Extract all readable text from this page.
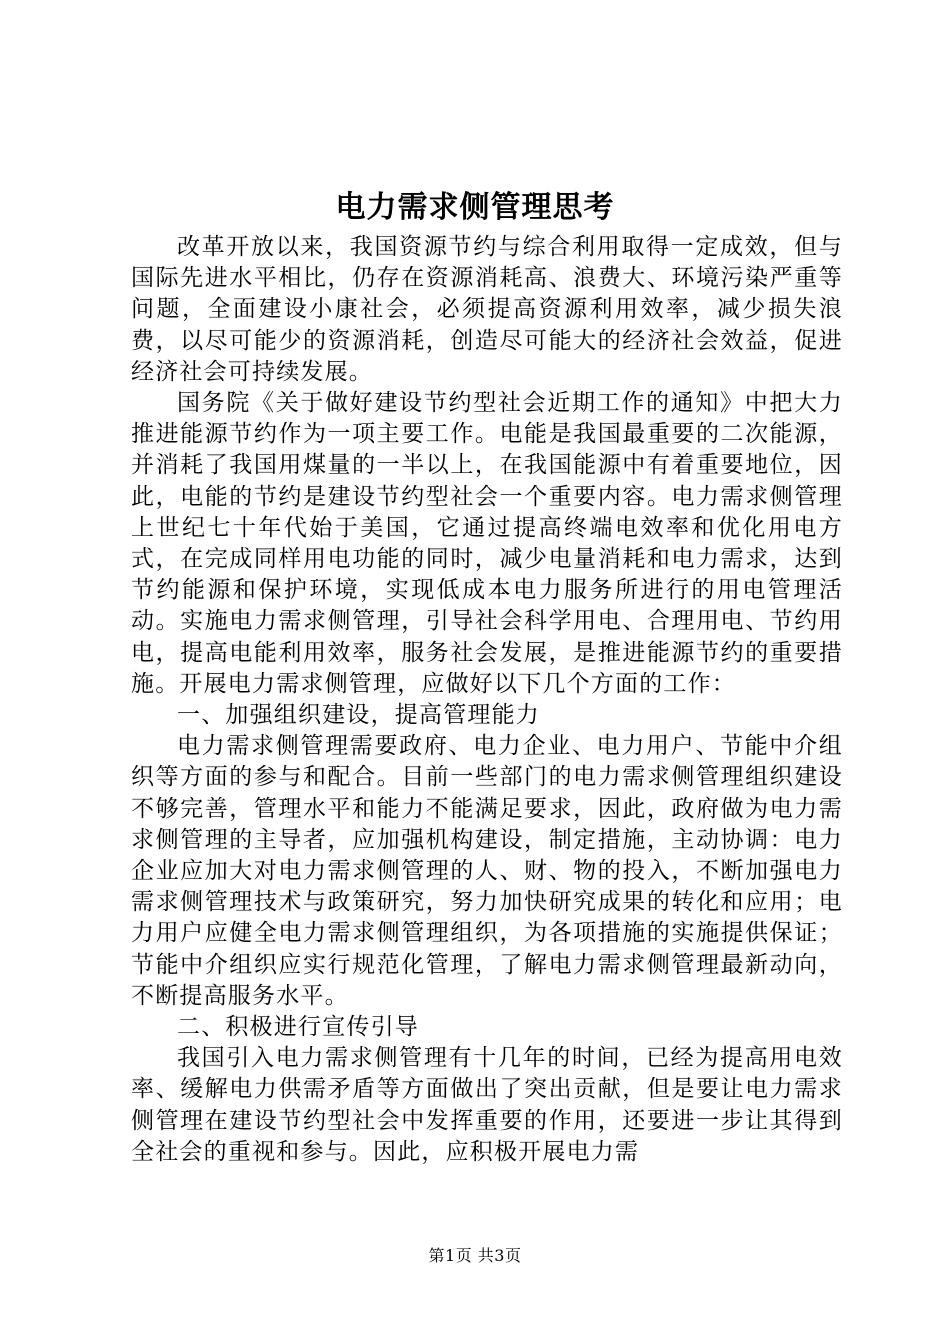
电力需求侧管理思考

改革开放以来，我国资源节约与综合利用取得一定成效，但与国际先进水平相比，仍存在资源消耗高、浪费大、环境污染严重等问题，全面建设小康社会，必须提高资源利用效率，减少损失浪费，以尽可能少的资源消耗，创造尽可能大的经济社会效益，促进经济社会可持续发展。

国务院《关于做好建设节约型社会近期工作的通知》中把大力推进能源节约作为一项主要工作。电能是我国最重要的二次能源，并消耗了我国用煤量的一半以上，在我国能源中有着重要地位，因此，电能的节约是建设节约型社会一个重要内容。电力需求侧管理上世纪七十年代始于美国，它通过提高终端电效率和优化用电方式，在完成同样用电功能的同时，减少电量消耗和电力需求，达到节约能源和保护环境，实现低成本电力服务所进行的用电管理活动。实施电力需求侧管理，引导社会科学用电、合理用电、节约用电，提高电能利用效率，服务社会发展，是推进能源节约的重要措施。开展电力需求侧管理，应做好以下几个方面的工作：

一、加强组织建设，提高管理能力

电力需求侧管理需要政府、电力企业、电力用户、节能中介组织等方面的参与和配合。目前一些部门的电力需求侧管理组织建设不够完善，管理水平和能力不能满足要求，因此，政府做为电力需求侧管理的主导者，应加强机构建设，制定措施，主动协调：电力企业应加大对电力需求侧管理的人、财、物的投入，不断加强电力需求侧管理技术与政策研究，努力加快研究成果的转化和应用；电力用户应健全电力需求侧管理组织，为各项措施的实施提供保证；节能中介组织应实行规范化管理，了解电力需求侧管理最新动向，不断提高服务水平。

二、积极进行宣传引导

我国引入电力需求侧管理有十几年的时间，已经为提高用电效率、缓解电力供需矛盾等方面做出了突出贡献，但是要让电力需求侧管理在建设节约型社会中发挥重要的作用，还要进一步让其得到全社会的重视和参与。因此，应积极开展电力需

第1页 共3页
